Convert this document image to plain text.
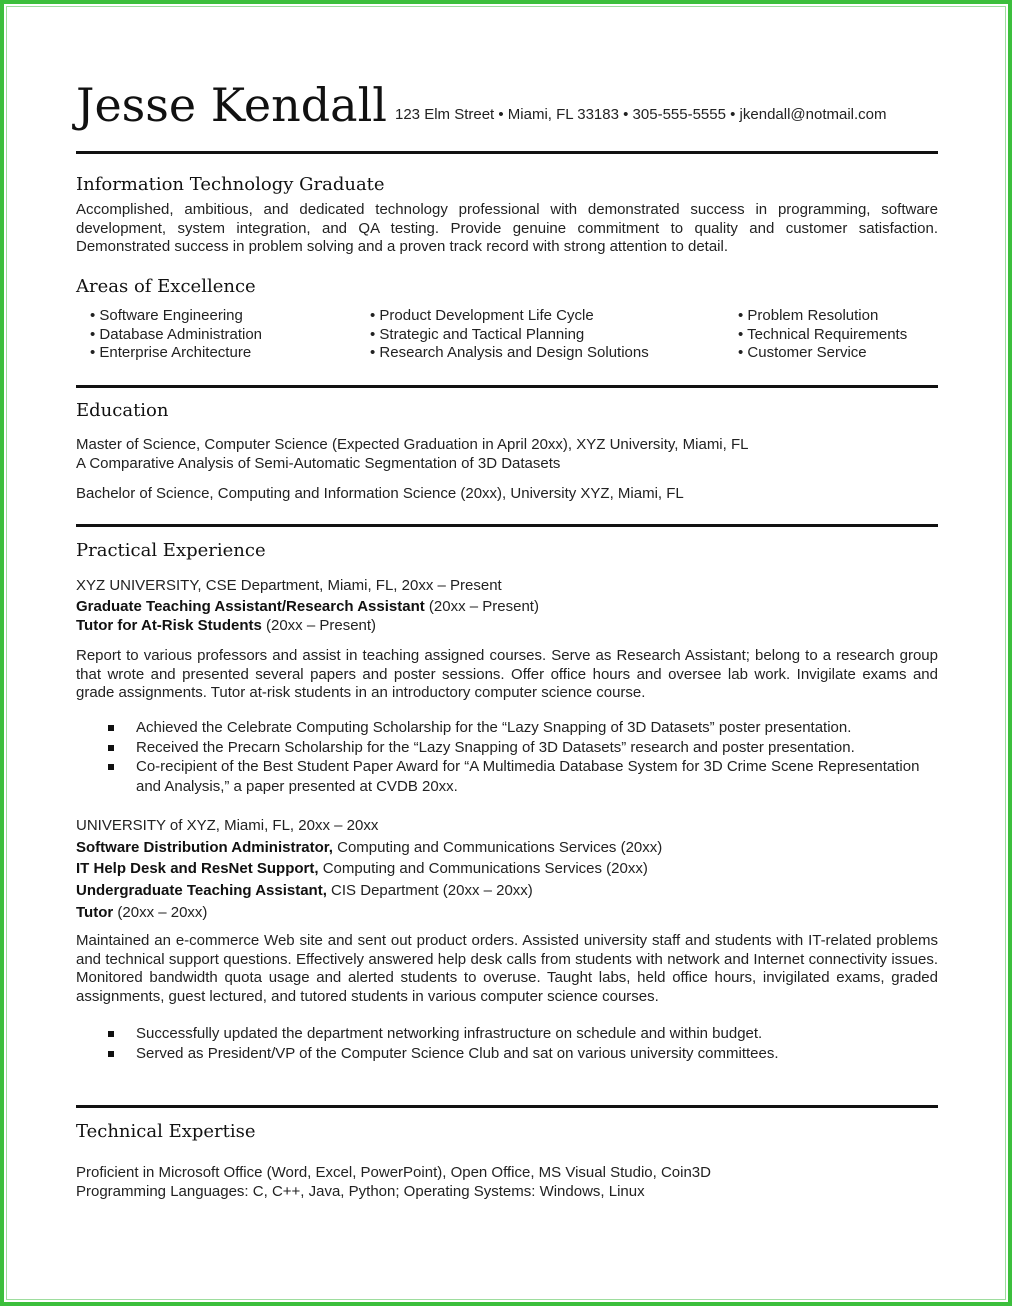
Jesse Kendall 123 Elm Street • Miami, FL 33183 • 305-555-5555 • jkendall@notmail.com
Information Technology Graduate
Accomplished, ambitious, and dedicated technology professional with demonstrated success in programming, software development, system integration, and QA testing. Provide genuine commitment to quality and customer satisfaction. Demonstrated success in problem solving and a proven track record with strong attention to detail.
Areas of Excellence
• Software Engineering
• Database Administration
• Enterprise Architecture
• Product Development Life Cycle
• Strategic and Tactical Planning
• Research Analysis and Design Solutions
• Problem Resolution
• Technical Requirements
• Customer Service
Education
Master of Science, Computer Science (Expected Graduation in April 20xx), XYZ University, Miami, FL
A Comparative Analysis of Semi-Automatic Segmentation of 3D Datasets
Bachelor of Science, Computing and Information Science (20xx), University XYZ, Miami, FL
Practical Experience
XYZ UNIVERSITY, CSE Department, Miami, FL, 20xx – Present
Graduate Teaching Assistant/Research Assistant (20xx – Present)
Tutor for At-Risk Students (20xx – Present)
Report to various professors and assist in teaching assigned courses. Serve as Research Assistant; belong to a research group that wrote and presented several papers and poster sessions. Offer office hours and oversee lab work. Invigilate exams and grade assignments. Tutor at-risk students in an introductory computer science course.
Achieved the Celebrate Computing Scholarship for the “Lazy Snapping of 3D Datasets” poster presentation.
Received the Precarn Scholarship for the “Lazy Snapping of 3D Datasets” research and poster presentation.
Co-recipient of the Best Student Paper Award for “A Multimedia Database System for 3D Crime Scene Representation and Analysis,” a paper presented at CVDB 20xx.
UNIVERSITY of XYZ, Miami, FL, 20xx – 20xx
Software Distribution Administrator, Computing and Communications Services (20xx)
IT Help Desk and ResNet Support, Computing and Communications Services (20xx)
Undergraduate Teaching Assistant, CIS Department (20xx – 20xx)
Tutor (20xx – 20xx)
Maintained an e-commerce Web site and sent out product orders. Assisted university staff and students with IT-related problems and technical support questions. Effectively answered help desk calls from students with network and Internet connectivity issues. Monitored bandwidth quota usage and alerted students to overuse. Taught labs, held office hours, invigilated exams, graded assignments, guest lectured, and tutored students in various computer science courses.
Successfully updated the department networking infrastructure on schedule and within budget.
Served as President/VP of the Computer Science Club and sat on various university committees.
Technical Expertise
Proficient in Microsoft Office (Word, Excel, PowerPoint), Open Office, MS Visual Studio, Coin3D
Programming Languages: C, C++, Java, Python; Operating Systems: Windows, Linux
